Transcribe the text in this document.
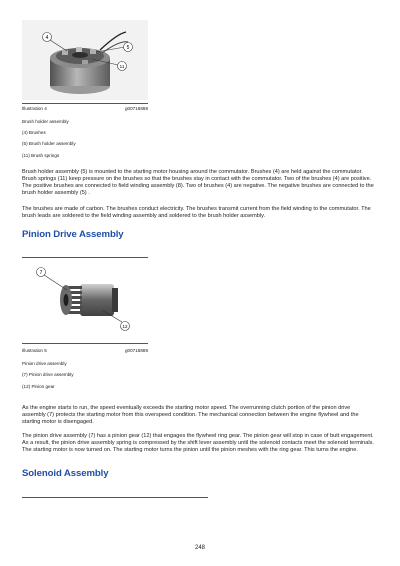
4
5
11
Illustration 4	g00718888
Brush holder assembly
(4) Brushes
(5) Brush holder assembly
(11) Brush springs

Brush holder assembly (5) is mounted to the starting motor housing around the commutator. Brushes (4) are held against the commutator. Brush springs (11) keep pressure on the brushes so that the brushes stay in contact with the commutator. Two of the brushes (4) are positive. The positive brushes are connected to field winding assembly (8). Two of brushes (4) are negative. The negative brushes are connected to the brush holder assembly (5) .

The brushes are made of carbon. The brushes conduct electricity. The brushes transmit current from the field winding to the commutator. The brush leads are soldered to the field winding assembly and soldered to the brush holder assembly.

Pinion Drive Assembly
7
12
Illustration 5	g00718889
Pinion drive assembly
(7) Pinion drive assembly
(12) Pinion gear

As the engine starts to run, the speed eventually exceeds the starting motor speed. The overrunning clutch portion of the pinion drive assembly (7) protects the starting motor from this overspeed condition. The mechanical connection between the engine flywheel and the starting motor is disengaged.

The pinion drive assembly (7) has a pinion gear (12) that engages the flywheel ring gear. The pinion gear will stop in case of butt engagement. As a result, the pinion drive assembly spring is compressed by the shift lever assembly until the solenoid contacts meet the solenoid terminals. The starting motor is now turned on. The starting motor turns the pinion until the pinion meshes with the ring gear. This turns the engine.

Solenoid Assembly
248
